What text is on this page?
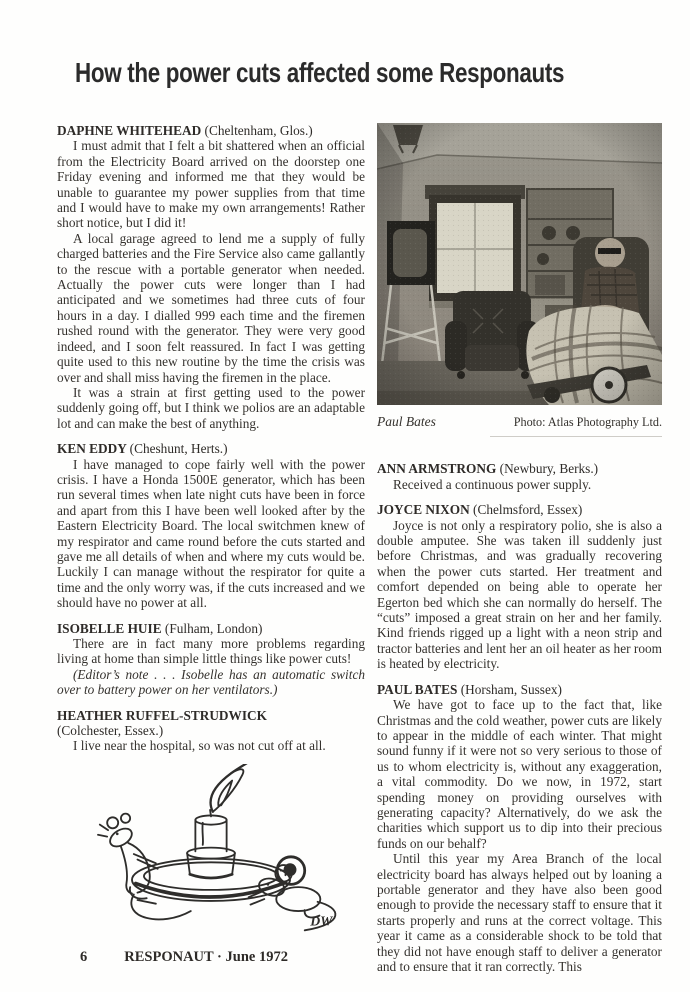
How the power cuts affected some Responauts
DAPHNE WHITEHEAD (Cheltenham, Glos.)

I must admit that I felt a bit shattered when an official from the Electricity Board arrived on the doorstep one Friday evening and informed me that they would be unable to guarantee my power supplies from that time and I would have to make my own arrangements! Rather short notice, but I did it!

A local garage agreed to lend me a supply of fully charged batteries and the Fire Service also came gallantly to the rescue with a portable generator when needed. Actually the power cuts were longer than I had anticipated and we sometimes had three cuts of four hours in a day. I dialled 999 each time and the firemen rushed round with the generator. They were very good indeed, and I soon felt reassured. In fact I was getting quite used to this new routine by the time the crisis was over and shall miss having the firemen in the place.

It was a strain at first getting used to the power suddenly going off, but I think we polios are an adaptable lot and can make the best of anything.

KEN EDDY (Cheshunt, Herts.)

I have managed to cope fairly well with the power crisis. I have a Honda 1500E generator, which has been run several times when late night cuts have been in force and apart from this I have been well looked after by the Eastern Electricity Board. The local switchmen knew of my respirator and came round before the cuts started and gave me all details of when and where my cuts would be. Luckily I can manage without the respirator for quite a time and the only worry was, if the cuts increased and we should have no power at all.

ISOBELLE HUIE (Fulham, London)

There are in fact many more problems regarding living at home than simple little things like power cuts!

(Editor’s note . . . Isobelle has an automatic switch over to battery power on her ventilators.)

HEATHER RUFFEL-STRUDWICK
(Colchester, Essex.)

I live near the hospital, so was not cut off at all.

DW
Paul Bates	Photo: Atlas Photography Ltd.
ANN ARMSTRONG (Newbury, Berks.)

Received a continuous power supply.

JOYCE NIXON (Chelmsford, Essex)

Joyce is not only a respiratory polio, she is also a double amputee. She was taken ill suddenly just before Christmas, and was gradually recovering when the power cuts started. Her treatment and comfort depended on being able to operate her Egerton bed which she can normally do herself. The “cuts” imposed a great strain on her and her family. Kind friends rigged up a light with a neon strip and tractor batteries and lent her an oil heater as her room is heated by electricity.

PAUL BATES (Horsham, Sussex)

We have got to face up to the fact that, like Christmas and the cold weather, power cuts are likely to appear in the middle of each winter. That might sound funny if it were not so very serious to those of us to whom electricity is, without any exaggeration, a vital commodity. Do we now, in 1972, start spending money on providing ourselves with generating capacity? Alternatively, do we ask the charities which support us to dip into their precious funds on our behalf?

Until this year my Area Branch of the local electricity board has always helped out by loaning a portable generator and they have also been good enough to provide the necessary staff to ensure that it starts properly and runs at the correct voltage. This year it came as a considerable shock to be told that they did not have enough staff to deliver a generator and to ensure that it ran correctly. This

6	RESPONAUT · June 1972
